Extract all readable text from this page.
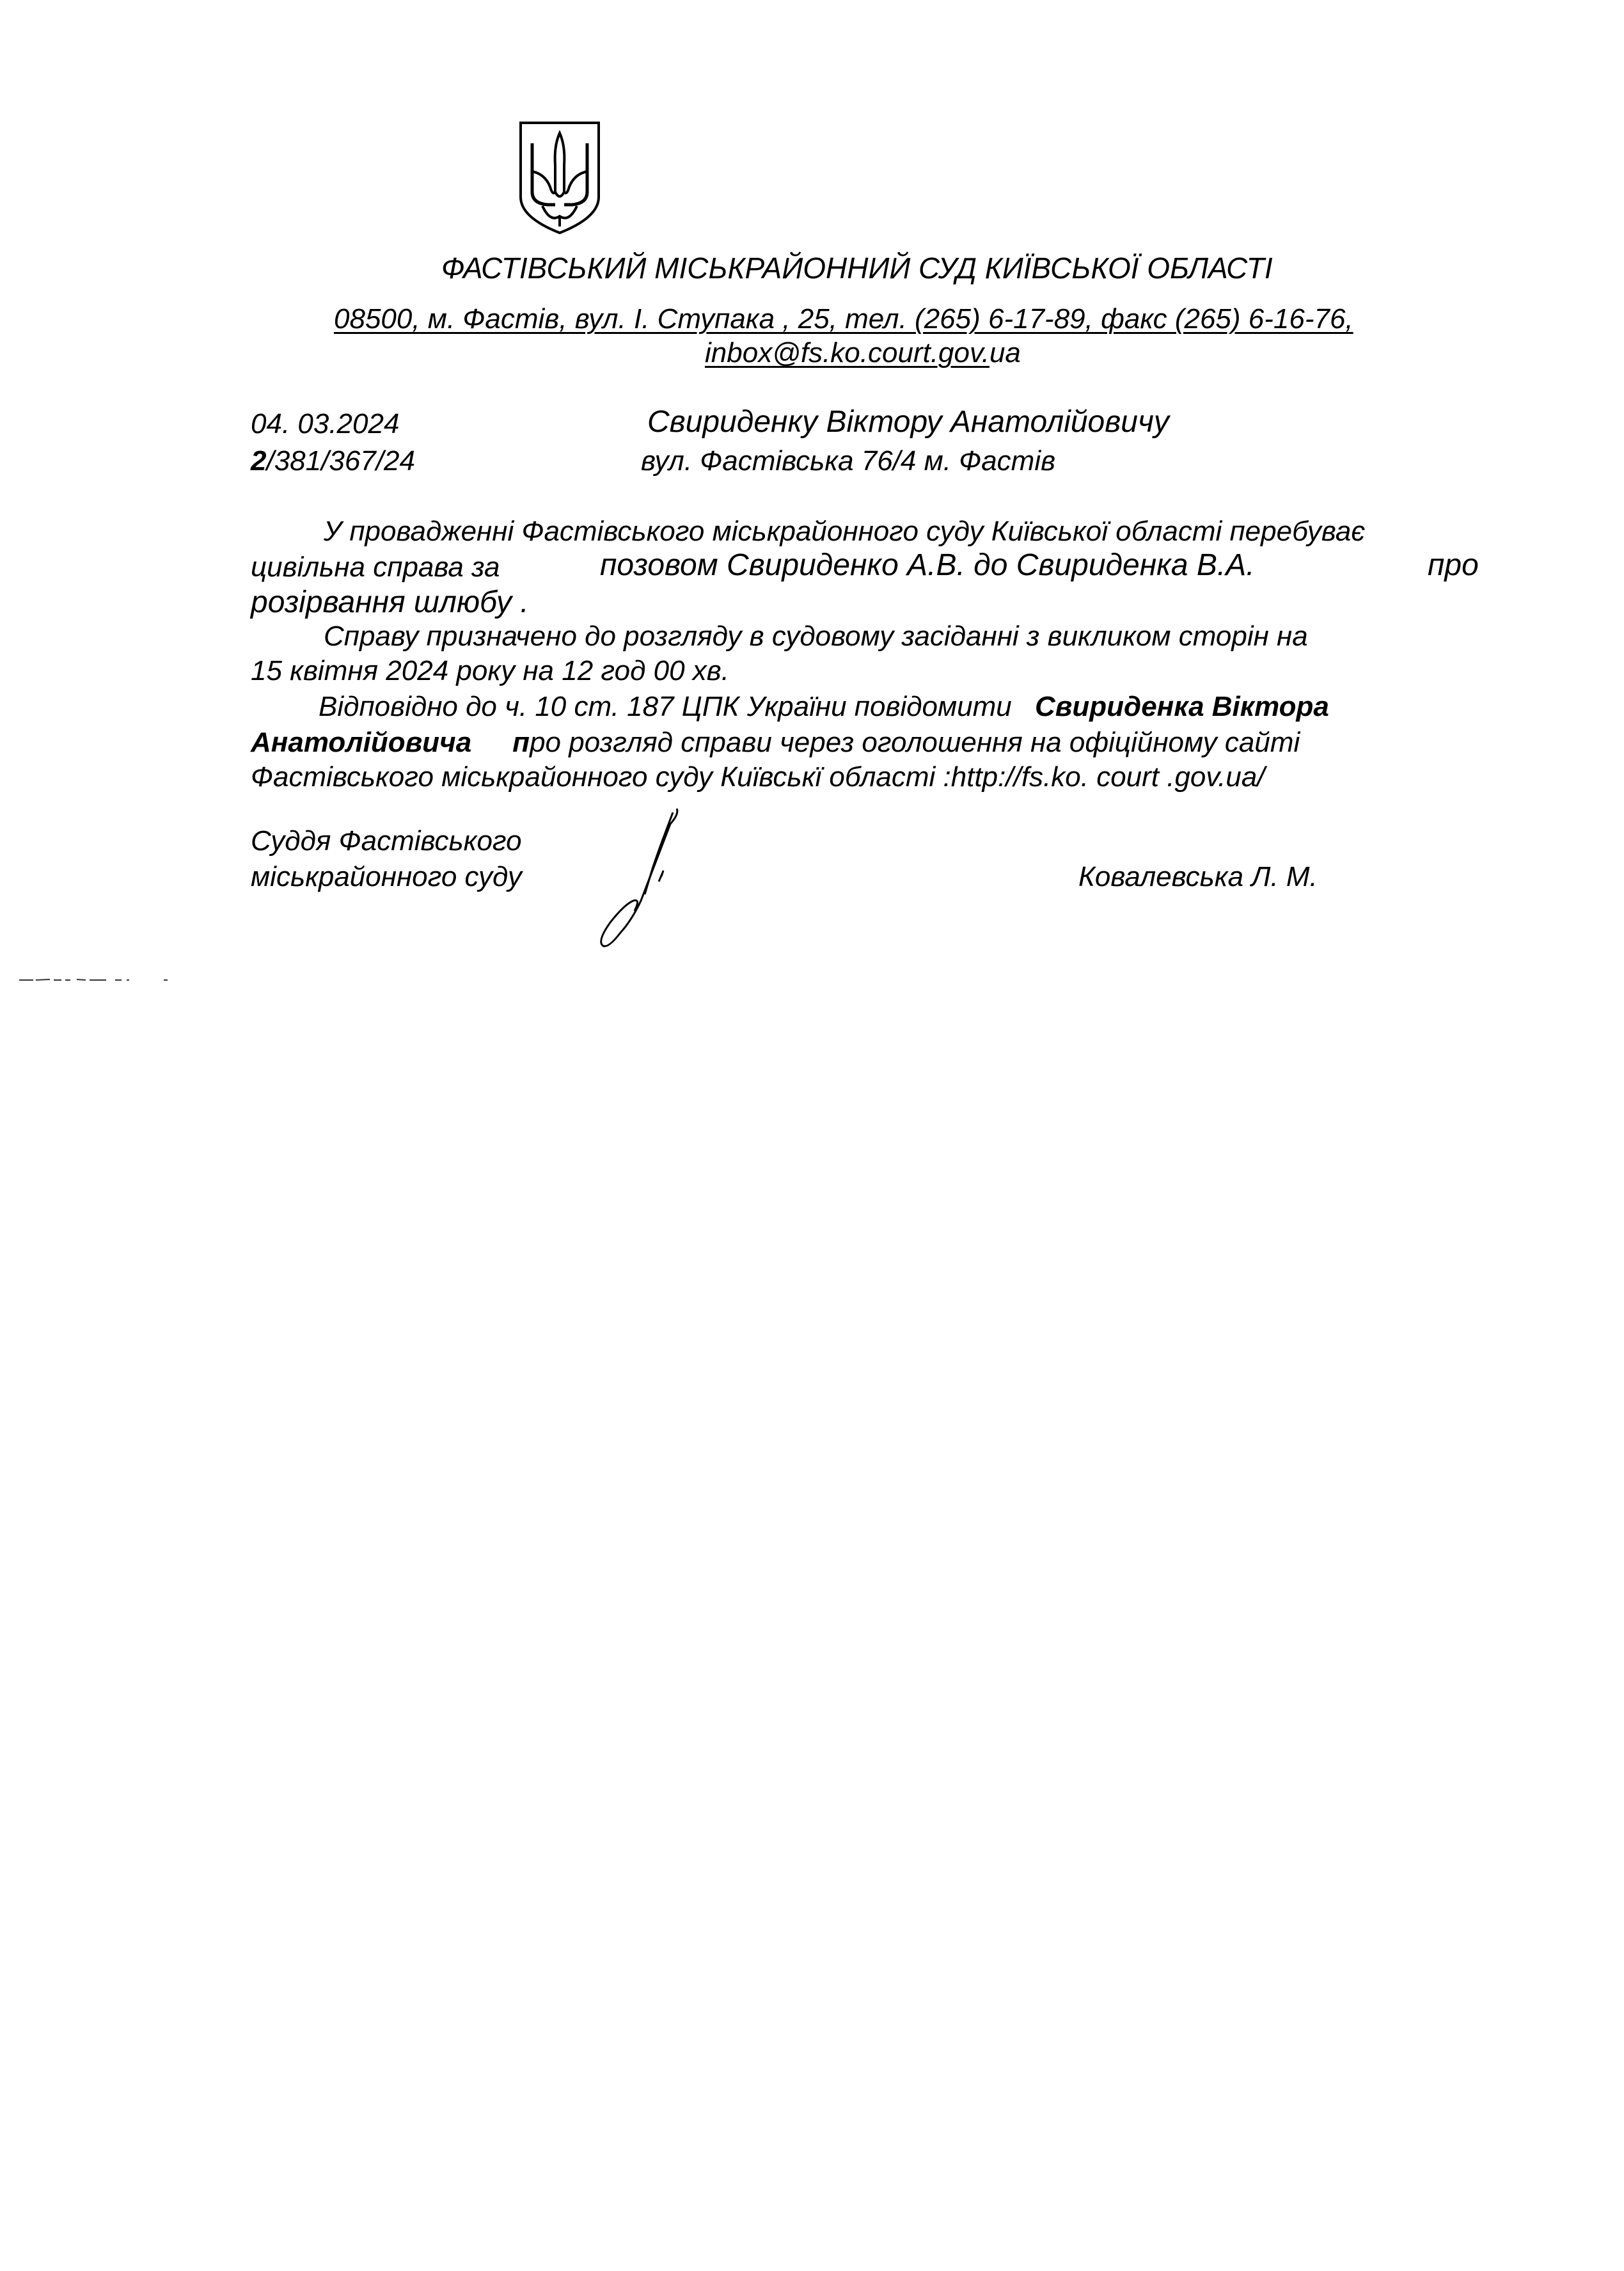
ФАСТІВСЬКИЙ МІСЬКРАЙОННИЙ СУД КИЇВСЬКОЇ ОБЛАСТІ
08500, м. Фастів, вул. І. Ступака , 25, тел. (265) 6-17-89, факс (265) 6-16-76,
inbox@fs.ko.court.gov.ua
04. 03.2024
2/381/367/24
Свириденку Віктору Анатолійовичу
вул. Фастівська 76/4 м. Фастів
У провадженні Фастівського міськрайонного суду Київської області перебуває
цивільна справа за	позовом Свириденко А.В. до Свириденка В.А.	про
розірвання шлюбу .
Справу призначено до розгляду в судовому засіданні з викликом сторін на
15 квітня 2024 року на 12 год 00 хв.
Відповідно до ч. 10 ст. 187 ЦПК України повідомити Свириденка Віктора
Анатолійовича про розгляд справи через оголошення на офіційному сайті
Фастівського міськрайонного суду Київськї області :http://fs.ko. court .gov.ua/
Суддя Фастівського
міськрайонного суду	Ковалевська Л. М.
